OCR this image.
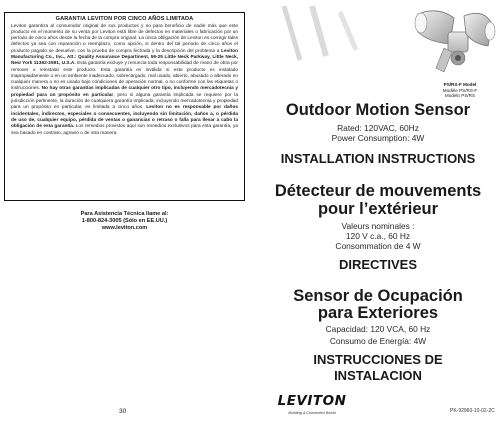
GARANTIA LEVITON POR CINCO AÑOS LIMITADA

Leviton garantiza al consumidor original de sus productos y no para beneficio de nadie más que este producto en el momento de su venta por Leviton está libre de defectos en materiales o fabricación por un período de cinco años desde la fecha de la compra original. La única obligación de Leviton es corregir tales defectos ya sea con reparación o reemplazo, como opción, si dentro del tal período de cinco años el producto pagado se devuelve, con la prueba de compra fechada y la descripción del problema a Leviton Manufacturing Co., Inc., Att.: Quality Assurance Department, 59-25 Little Neck Parkway, Little Neck, New York 11362-2591, U.S.A. Esta garantía excluye y renuncia toda responsabilidad de mano de obra por remover o reinstalar este producto. Esta garantía es inválida si este producto es instalado inapropiadamente o en un ambiente inadecuado, sobrecargado, mal usado, abierto, abusado o alterado en cualquier manera o no es usado bajo condiciones de operación normal, o no conforme con las etiquetas o instrucciones. No hay otras garantías implicadas de cualquier otro tipo, incluyendo mercadotecnia y propiedad para un propósito en particular, pero si alguna garantía implicada se requiere por la jurisdicción pertinente, la duración de cualquiera garantía implicada, incluyendo mercadotecnia y propiedad para un propósito en particular, es limitada a cinco años. Leviton no es responsable por daños incidentales, indirectos, especiales o consecuentes, incluyendo sin limitación, daños a, o pérdida de uso de, cualquier equipo, pérdida de ventas o ganancias o retraso o falla para llevar a cabo la obligación de esta garantía. Los remedios provistos aquí son remedios exclusivos para esta garantía, ya sea basado en contrato, agravio o de otra manera.

Para Asistencia Técnica llame al:
1-800-824-3005 (Sólo en EE.UU.)
www.leviton.com
30
PS/RS-F Model
Modèle PS/RS-F
Modelo PS/RS

Outdoor Motion Sensor

Rated: 120VAC, 60Hz

Power Consumption: 4W

INSTALLATION INSTRUCTIONS

Détecteur de mouvements

pour l’extérieur

Valeurs nominales :

120 V c.a., 60 Hz

Consommation de 4 W

DIRECTIVES

Sensor de Ocupación

para Exteriores

Capacidad: 120 VCA, 60 Hz

Consumo de Energía: 4W

INSTRUCCIONES DE

INSTALACION

LEVITON
Building A Connected World	PK-92960-10-02-2C
